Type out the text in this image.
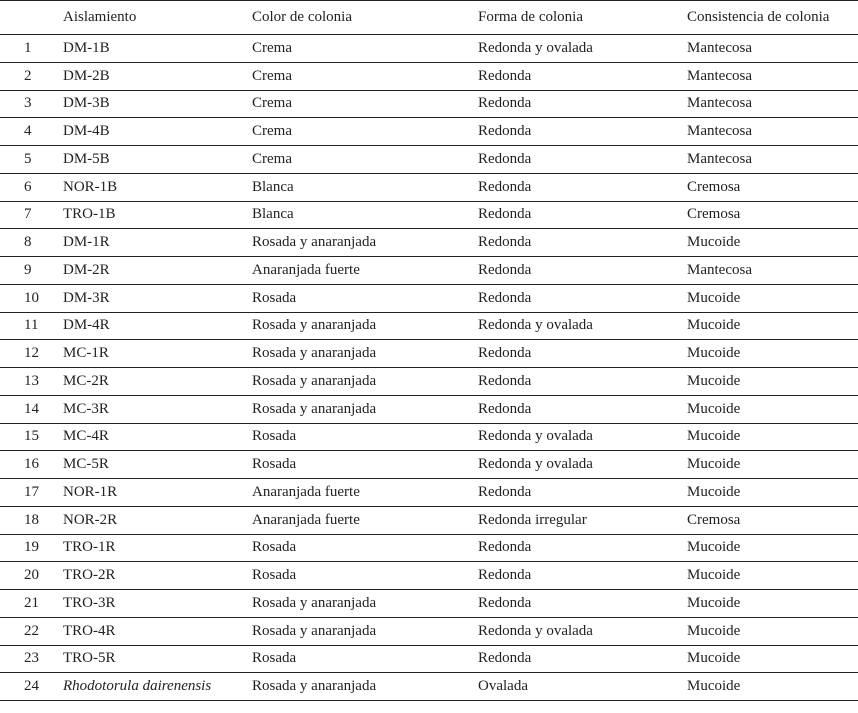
	Aislamiento	Color de colonia	Forma de colonia	Consistencia de colonia
1	DM-1B	Crema	Redonda y ovalada	Mantecosa
2	DM-2B	Crema	Redonda	Mantecosa
3	DM-3B	Crema	Redonda	Mantecosa
4	DM-4B	Crema	Redonda	Mantecosa
5	DM-5B	Crema	Redonda	Mantecosa
6	NOR-1B	Blanca	Redonda	Cremosa
7	TRO-1B	Blanca	Redonda	Cremosa
8	DM-1R	Rosada y anaranjada	Redonda	Mucoide
9	DM-2R	Anaranjada fuerte	Redonda	Mantecosa
10	DM-3R	Rosada	Redonda	Mucoide
11	DM-4R	Rosada y anaranjada	Redonda y ovalada	Mucoide
12	MC-1R	Rosada y anaranjada	Redonda	Mucoide
13	MC-2R	Rosada y anaranjada	Redonda	Mucoide
14	MC-3R	Rosada y anaranjada	Redonda	Mucoide
15	MC-4R	Rosada	Redonda y ovalada	Mucoide
16	MC-5R	Rosada	Redonda y ovalada	Mucoide
17	NOR-1R	Anaranjada fuerte	Redonda	Mucoide
18	NOR-2R	Anaranjada fuerte	Redonda irregular	Cremosa
19	TRO-1R	Rosada	Redonda	Mucoide
20	TRO-2R	Rosada	Redonda	Mucoide
21	TRO-3R	Rosada y anaranjada	Redonda	Mucoide
22	TRO-4R	Rosada y anaranjada	Redonda y ovalada	Mucoide
23	TRO-5R	Rosada	Redonda	Mucoide
24	Rhodotorula dairenensis	Rosada y anaranjada	Ovalada	Mucoide
